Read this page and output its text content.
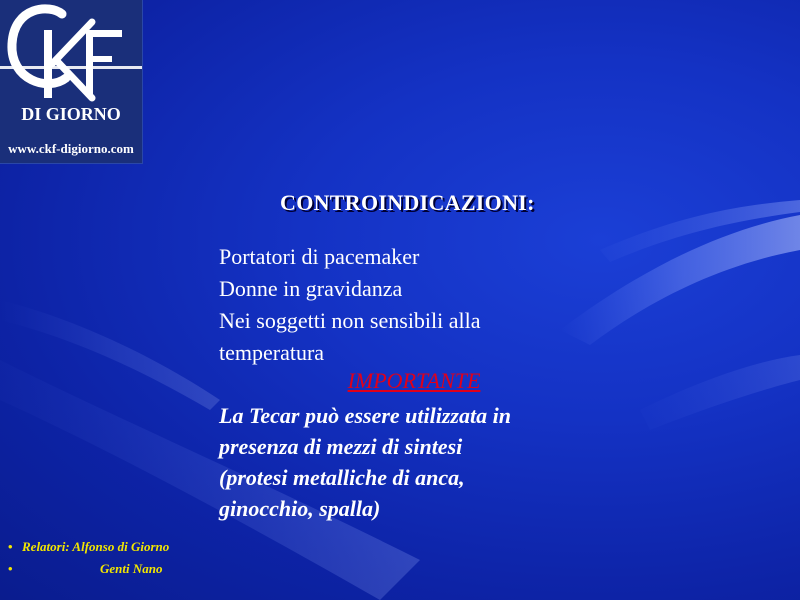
DI GIORNO
www.ckf-digiorno.com
CONTROINDICAZIONI:
Portatori di pacemaker
Donne in gravidanza
Nei soggetti non sensibili alla
temperatura
IMPORTANTE
La Tecar può essere utilizzata in
presenza di mezzi di sintesi
(protesi metalliche di anca,
ginocchio, spalla)
• Relatori: Alfonso di Giorno
•	Genti Nano
